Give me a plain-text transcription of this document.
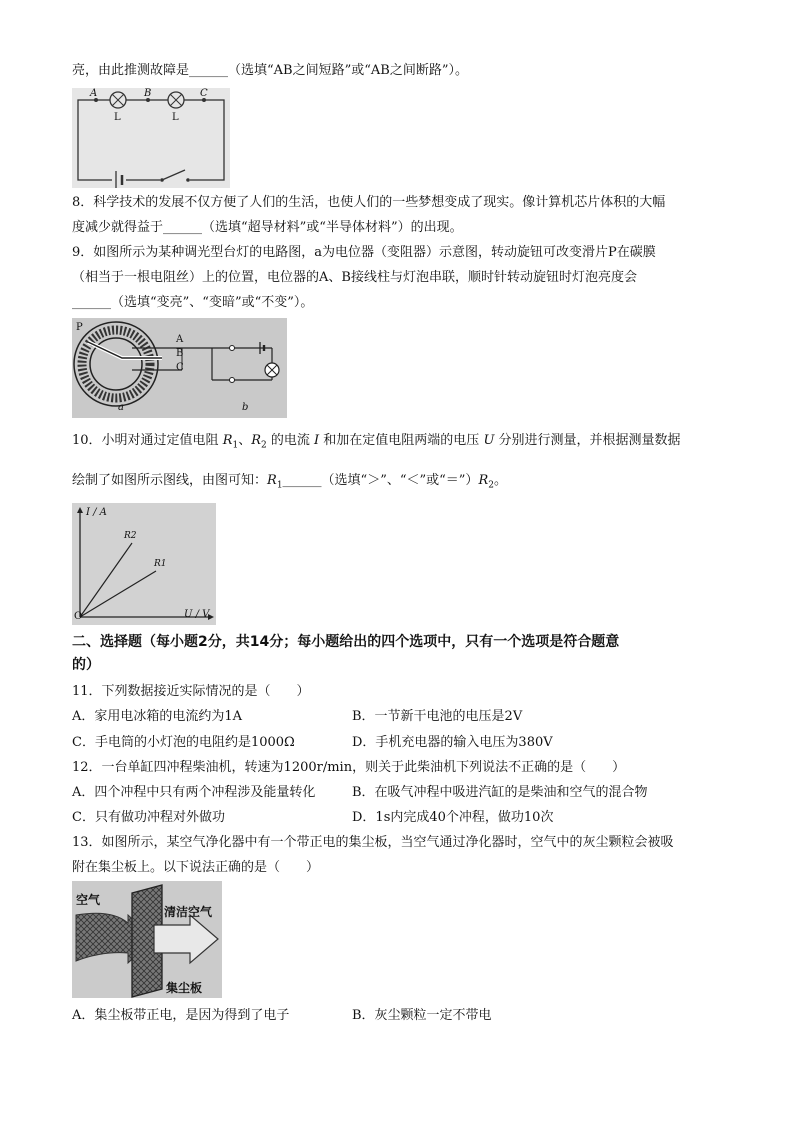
亮，由此推测故障是______（选填“AB之间短路”或“AB之间断路”）。
A	B	C
L	L
8．科学技术的发展不仅方便了人们的生活，也使人们的一些梦想变成了现实。像计算机芯片体积的大幅
度减少就得益于______（选填“超导材料”或“半导体材料”）的出现。
9．如图所示为某种调光型台灯的电路图，a为电位器（变阻器）示意图，转动旋钮可改变滑片P在碳膜
（相当于一根电阻丝）上的位置，电位器的A、B接线柱与灯泡串联，顺时针转动旋钮时灯泡亮度会
______（选填“变亮”、“变暗”或“不变”）。
P
A
B
C
a	b
10．小明对通过定值电阻 $R_1$、$R_2$ 的电流 I 和加在定值电阻两端的电压 U 分别进行测量，并根据测量数据
绘制了如图所示图线，由图可知：$R_1\_\_\_\_\_\_$（选填“＞”、“＜”或“$=”)R_2$。
I / A
U / V
O
R2
R1
二、选择题（每小题2分，共14分；每小题给出的四个选项中，只有一个选项是符合题意
的）
11．下列数据接近实际情况的是（　　）
A．家用电冰箱的电流约为1A	B．一节新干电池的电压是2V
C．手电筒的小灯泡的电阻约是1000Ω	D．手机充电器的输入电压为380V
12．一台单缸四冲程柴油机，转速为1200r/min，则关于此柴油机下列说法不正确的是（　　）
A．四个冲程中只有两个冲程涉及能量转化	B．在吸气冲程中吸进汽缸的是柴油和空气的混合物
C．只有做功冲程对外做功	D．1s内完成40个冲程，做功10次
13．如图所示，某空气净化器中有一个带正电的集尘板，当空气通过净化器时，空气中的灰尘颗粒会被吸
附在集尘板上。以下说法正确的是（　　）
空气
清洁空气
集尘板
A．集尘板带正电，是因为得到了电子	B．灰尘颗粒一定不带电
